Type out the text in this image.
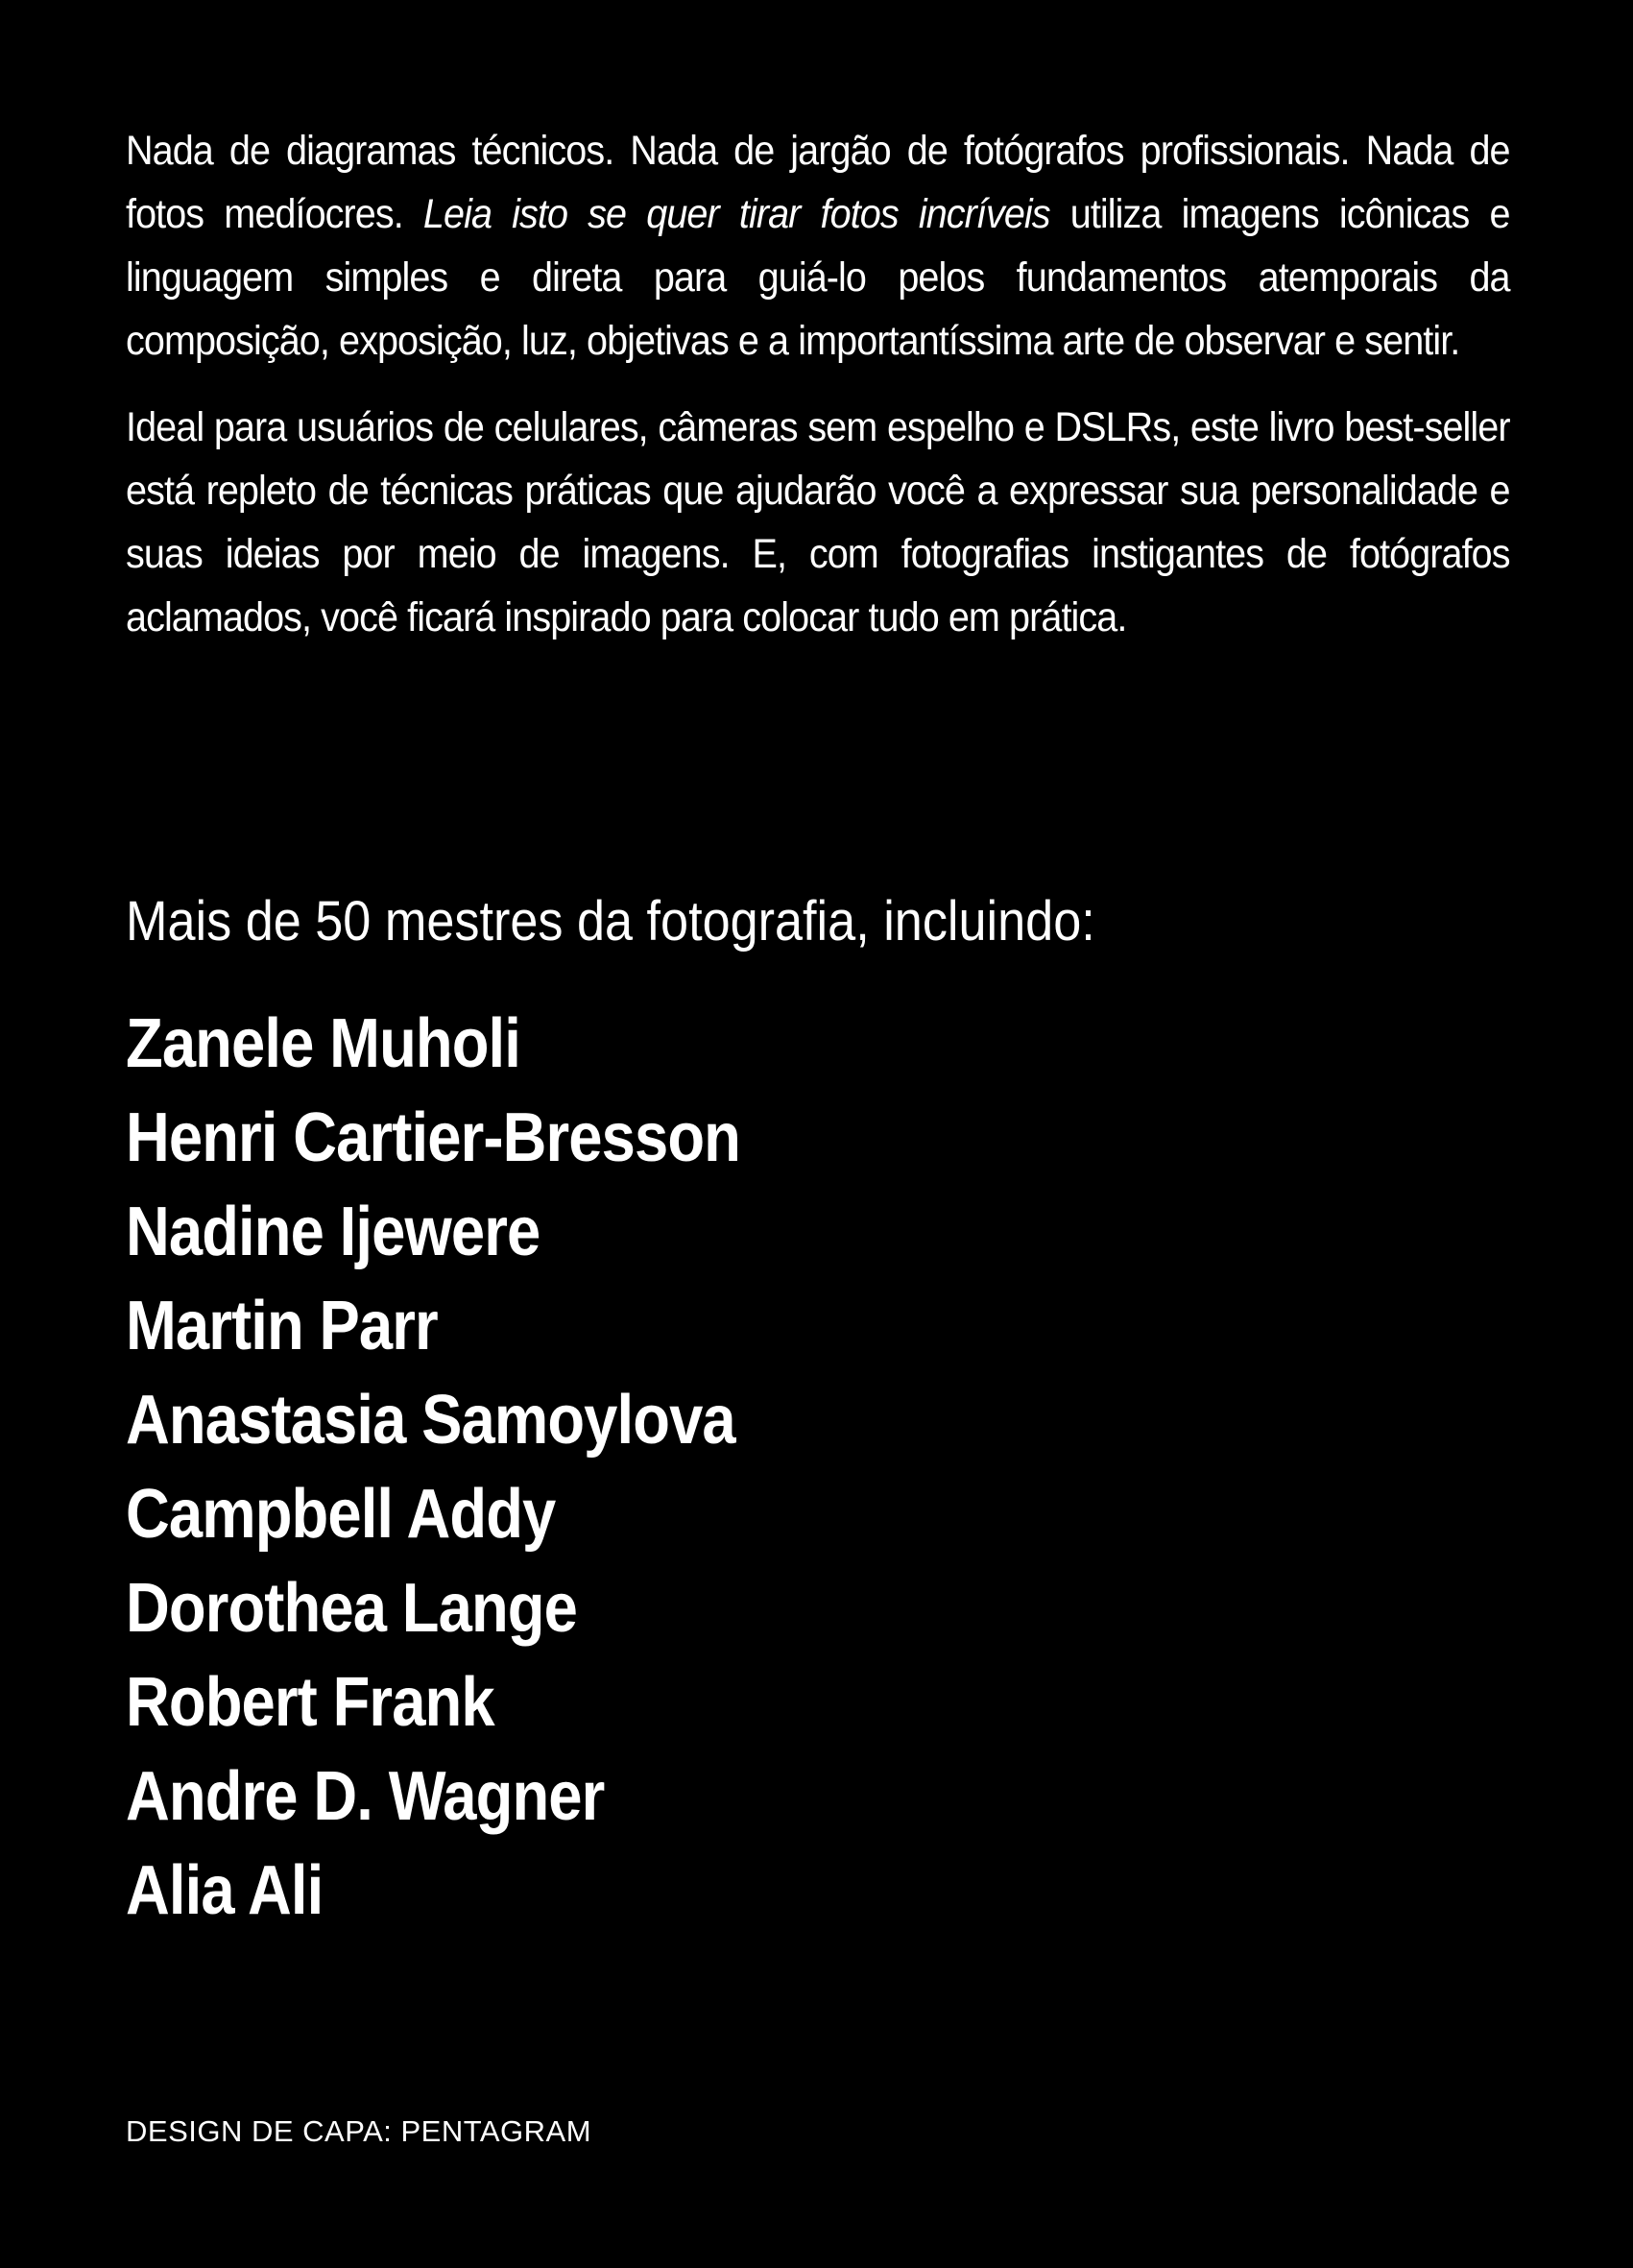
Nada de diagramas técnicos. Nada de jargão de fotógrafos profissionais. Nada de fotos medíocres. Leia isto se quer tirar fotos incríveis utiliza imagens icônicas e linguagem simples e direta para guiá-lo pelos fundamentos atemporais da composição, exposição, luz, objetivas e a importantíssima arte de observar e sentir.

Ideal para usuários de celulares, câmeras sem espelho e DSLRs, este livro best-seller está repleto de técnicas práticas que ajudarão você a expressar sua personalidade e suas ideias por meio de imagens. E, com fotografias instigantes de fotógrafos aclamados, você ficará inspirado para colocar tudo em prática.

Mais de 50 mestres da fotografia, incluindo:
Zanele Muholi
Henri Cartier-Bresson
Nadine Ijewere
Martin Parr
Anastasia Samoylova
Campbell Addy
Dorothea Lange
Robert Frank
Andre D. Wagner
Alia Ali
DESIGN DE CAPA: PENTAGRAM
